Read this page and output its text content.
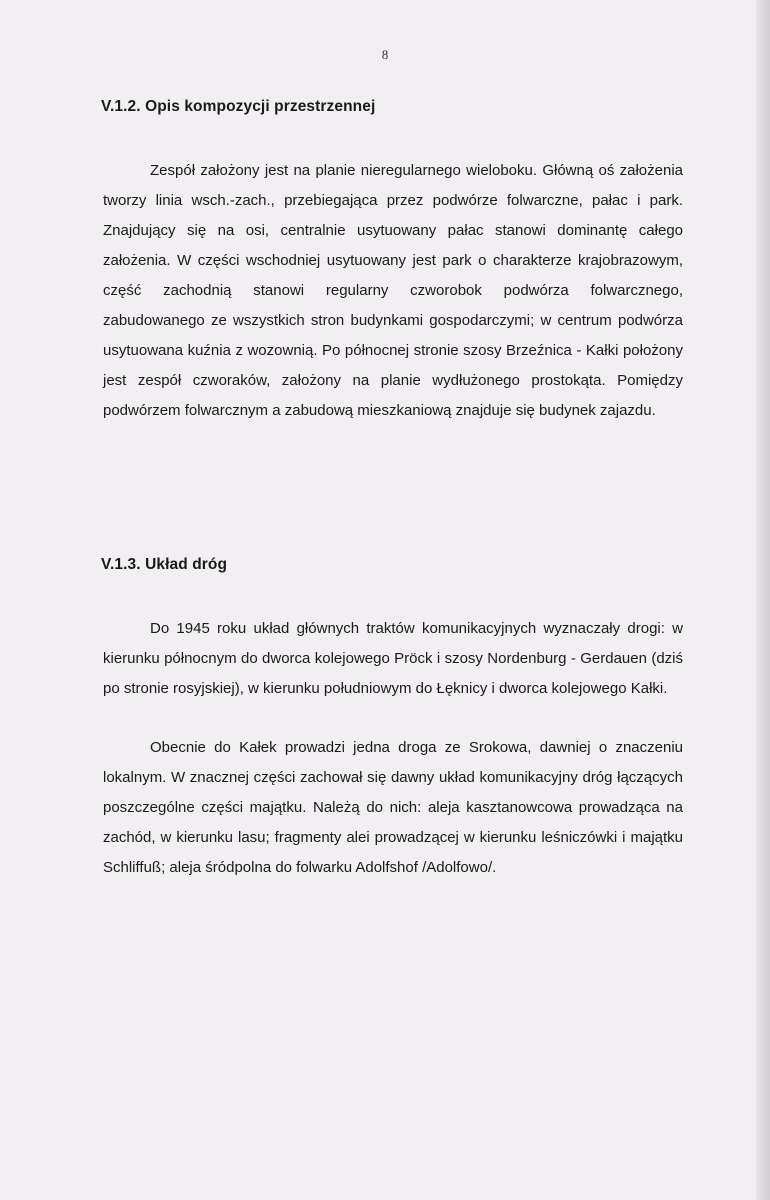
8
V.1.2. Opis kompozycji przestrzennej
Zespół założony jest na planie nieregularnego wieloboku. Główną oś założenia tworzy linia wsch.-zach., przebiegająca przez podwórze folwarczne, pałac i park. Znajdujący się na osi, centralnie usytuowany pałac stanowi dominantę całego założenia. W części wschodniej usytuowany jest park o charakterze krajobrazowym, część zachodnią stanowi regularny czworobok podwórza folwarcznego, zabudowanego ze wszystkich stron budynkami gospodarczymi; w centrum podwórza usytuowana kuźnia z wozownią. Po północnej stronie szosy Brzeźnica - Kałki położony jest zespół czworaków, założony na planie wydłużonego prostokąta. Pomiędzy podwórzem folwarcznym a zabudową mieszkaniową znajduje się budynek zajazdu.
V.1.3. Układ dróg
Do 1945 roku układ głównych traktów komunikacyjnych wyznaczały drogi: w kierunku północnym do dworca kolejowego Pröck i szosy Nordenburg - Gerdauen (dziś po stronie rosyjskiej), w kierunku południowym do Łęknicy i dworca kolejowego Kałki.
Obecnie do Kałek prowadzi jedna droga ze Srokowa, dawniej o znaczeniu lokalnym. W znacznej części zachował się dawny układ komunikacyjny dróg łączących poszczególne części majątku. Należą do nich: aleja kasztanowcowa prowadząca na zachód, w kierunku lasu; fragmenty alei prowadzącej w kierunku leśniczówki i majątku Schliffuß; aleja śródpolna do folwarku Adolfshof /Adolfowo/.
